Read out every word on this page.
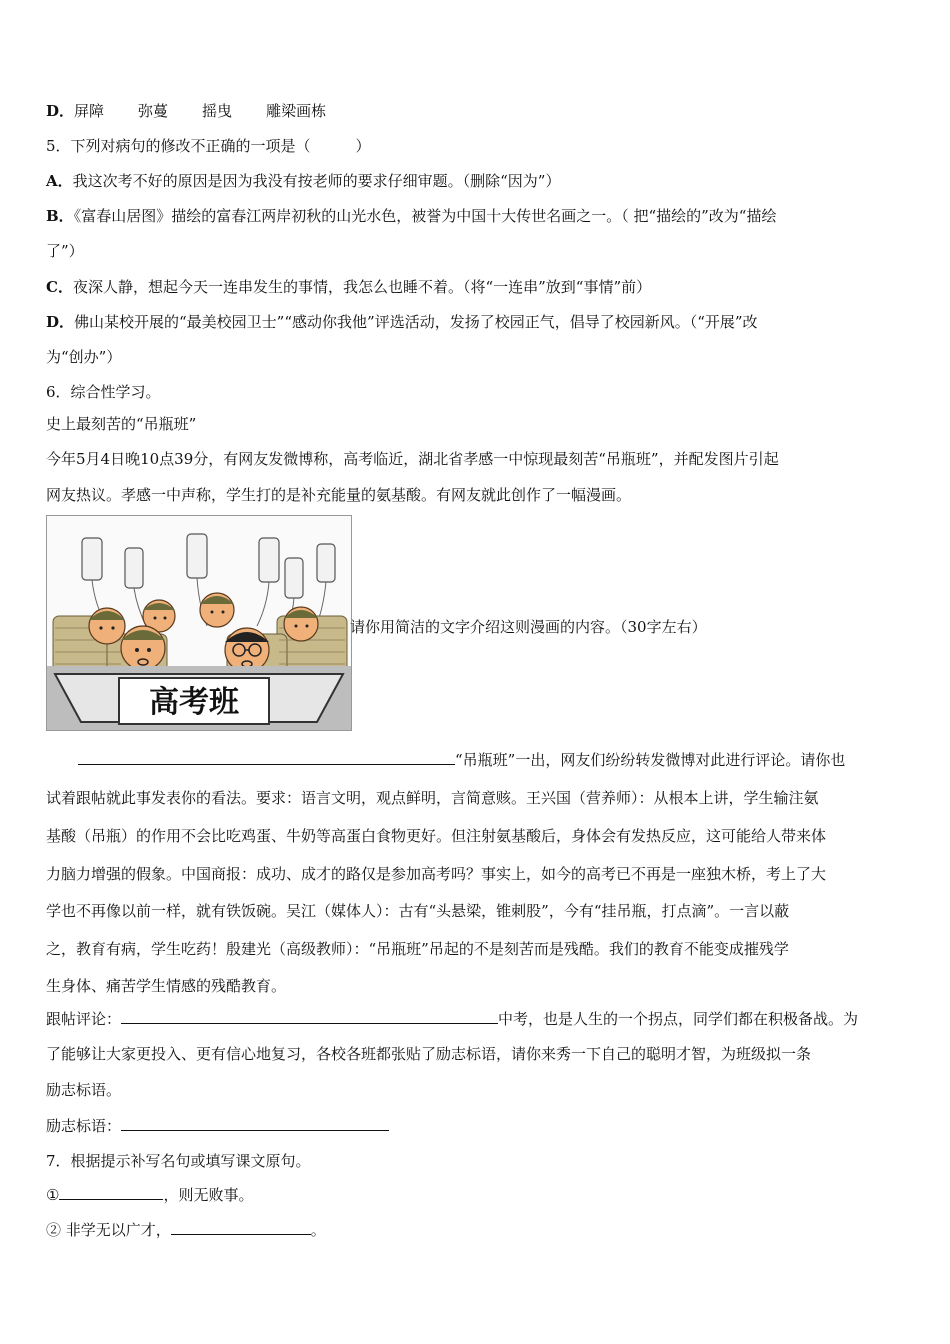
D．屏障 弥蔓 摇曳 雕梁画栋
5．下列对病句的修改不正确的一项是（　　　）
A．我这次考不好的原因是因为我没有按老师的要求仔细审题。（删除“因为”）
B．《富春山居图》描绘的富春江两岸初秋的山光水色，被誉为中国十大传世名画之一。（ 把“描绘的”改为“描绘
了”）
C．夜深人静，想起今天一连串发生的事情，我怎么也睡不着。（将“一连串”放到“事情”前）
D．佛山某校开展的“最美校园卫士”“感动你我他”评选活动，发扬了校园正气，倡导了校园新风。（“开展”改
为“创办”）
6．综合性学习。
史上最刻苦的“吊瓶班”
今年5月4日晚10点39分，有网友发微博称，高考临近，湖北省孝感一中惊现最刻苦“吊瓶班”，并配发图片引起
网友热议。孝感一中声称，学生打的是补充能量的氨基酸。有网友就此创作了一幅漫画。
高考班
请你用简洁的文字介绍这则漫画的内容。（30字左右）
“吊瓶班”一出，网友们纷纷转发微博对此进行评论。请你也
试着跟帖就此事发表你的看法。要求：语言文明，观点鲜明，言简意赅。王兴国（营养师）：从根本上讲，学生输注氨
基酸（吊瓶）的作用不会比吃鸡蛋、牛奶等高蛋白食物更好。但注射氨基酸后，身体会有发热反应，这可能给人带来体
力脑力增强的假象。中国商报：成功、成才的路仅是参加高考吗？事实上，如今的高考已不再是一座独木桥，考上了大
学也不再像以前一样，就有铁饭碗。吴江（媒体人）：古有“头悬梁，锥刺股”，今有“挂吊瓶，打点滴”。一言以蔽
之，教育有病，学生吃药！殷建光（高级教师）：“吊瓶班”吊起的不是刻苦而是残酷。我们的教育不能变成摧残学
生身体、痛苦学生情感的残酷教育。
跟帖评论：	中考，也是人生的一个拐点，同学们都在积极备战。为
了能够让大家更投入、更有信心地复习，各校各班都张贴了励志标语，请你来秀一下自己的聪明才智，为班级拟一条
励志标语。
励志标语：
7．根据提示补写名句或填写课文原句。
①	，则无败事。
② 非学无以广才，	。
